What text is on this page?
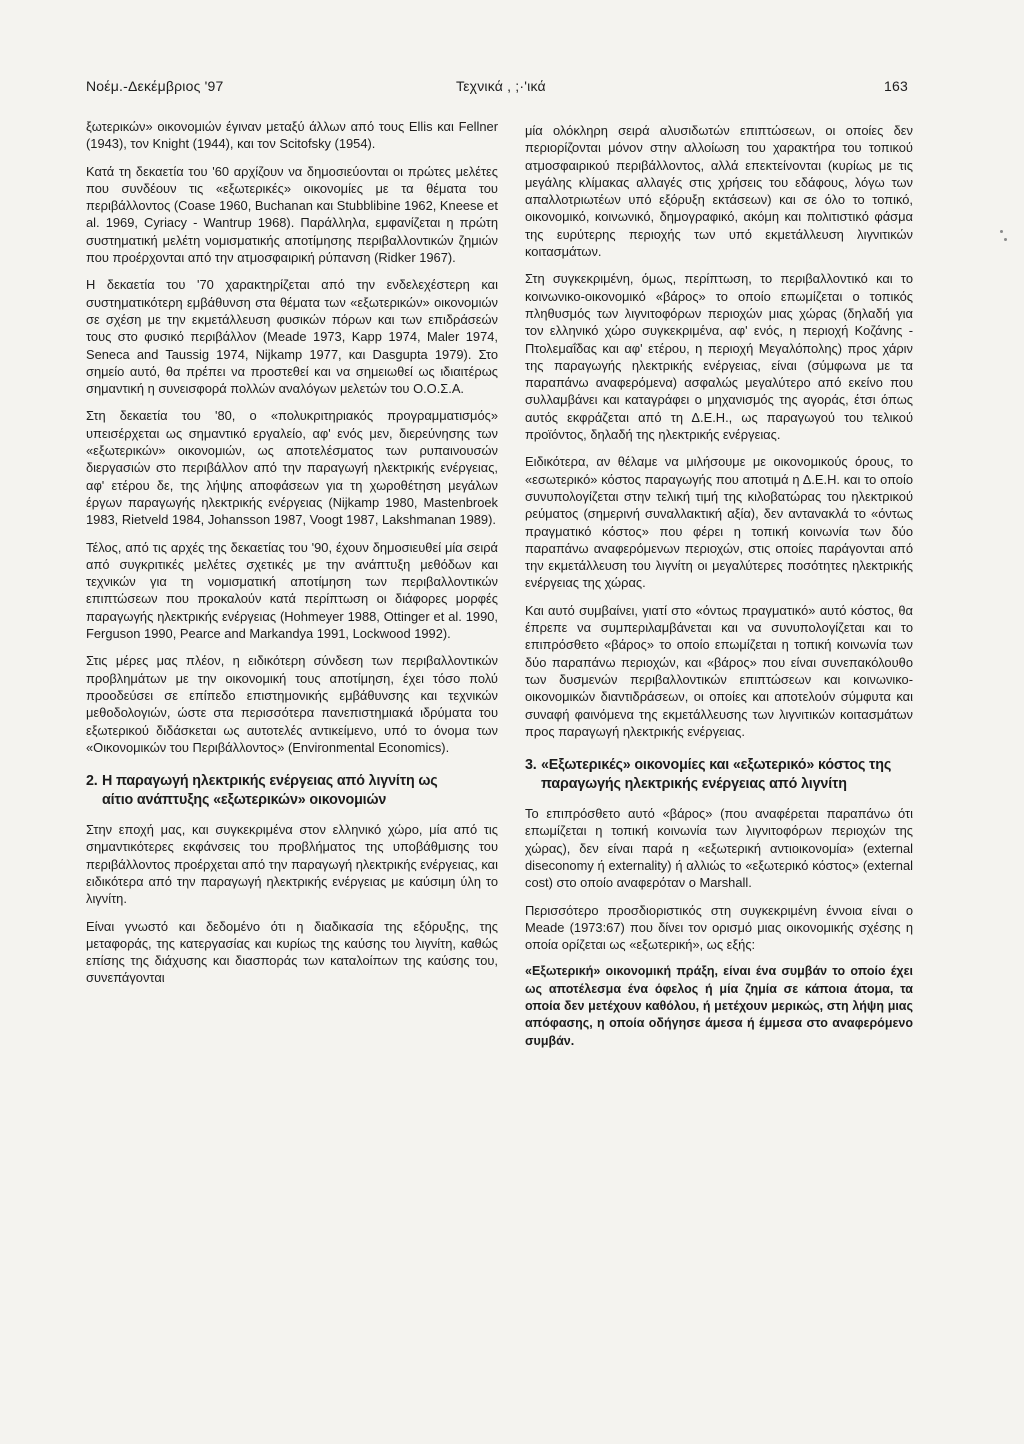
Νοέμ.-Δεκέμβριος '97	Τεχνικά , ;·'ικά	163

ξωτερικών» οικονομιών έγιναν μεταξύ άλλων από τους Ellis και Fellner (1943), τον Knight (1944), και τον Scitofsky (1954).

Κατά τη δεκαετία του '60 αρχίζουν να δημοσιεύονται οι πρώτες μελέτες που συνδέουν τις «εξωτερικές» οικονομίες με τα θέματα του περιβάλλοντος (Coase 1960, Buchanan και Stubblibine 1962, Kneese et al. 1969, Cyriacy - Wantrup 1968). Παράλληλα, εμφανίζεται η πρώτη συστηματική μελέτη νομισματικής αποτίμησης περιβαλλοντικών ζημιών που προέρχονται από την ατμοσφαιρική ρύπανση (Ridker 1967).

Η δεκαετία του '70 χαρακτηρίζεται από την ενδελεχέστερη και συστηματικότερη εμβάθυνση στα θέματα των «εξωτερικών» οικονομιών σε σχέση με την εκμετάλλευση φυσικών πόρων και των επιδράσεών τους στο φυσικό περιβάλλον (Meade 1973, Kapp 1974, Maler 1974, Seneca and Taussig 1974, Nijkamp 1977, και Dasgupta 1979). Στο σημείο αυτό, θα πρέπει να προστεθεί και να σημειωθεί ως ιδιαιτέρως σημαντική η συνεισφορά πολλών αναλόγων μελετών του Ο.Ο.Σ.Α.

Στη δεκαετία του '80, ο «πολυκριτηριακός προγραμματισμός» υπεισέρχεται ως σημαντικό εργαλείο, αφ' ενός μεν, διερεύνησης των «εξωτερικών» οικονομιών, ως αποτελέσματος των ρυπαινουσών διεργασιών στο περιβάλλον από την παραγωγή ηλεκτρικής ενέργειας, αφ' ετέρου δε, της λήψης αποφάσεων για τη χωροθέτηση μεγάλων έργων παραγωγής ηλεκτρικής ενέργειας (Nijkamp 1980, Mastenbroek 1983, Rietveld 1984, Johansson 1987, Voogt 1987, Lakshmanan 1989).

Τέλος, από τις αρχές της δεκαετίας του '90, έχουν δημοσιευθεί μία σειρά από συγκριτικές μελέτες σχετικές με την ανάπτυξη μεθόδων και τεχνικών για τη νομισματική αποτίμηση των περιβαλλοντικών επιπτώσεων που προκαλούν κατά περίπτωση οι διάφορες μορφές παραγωγής ηλεκτρικής ενέργειας (Hohmeyer 1988, Ottinger et al. 1990, Ferguson 1990, Pearce and Markandya 1991, Lockwood 1992).

Στις μέρες μας πλέον, η ειδικότερη σύνδεση των περιβαλλοντικών προβλημάτων με την οικονομική τους αποτίμηση, έχει τόσο πολύ προοδεύσει σε επίπεδο επιστημονικής εμβάθυνσης και τεχνικών μεθοδολογιών, ώστε στα περισσότερα πανεπιστημιακά ιδρύματα του εξωτερικού διδάσκεται ως αυτοτελές αντικείμενο, υπό το όνομα των «Οικονομικών του Περιβάλλοντος» (Environmental Economics).

2. Η παραγωγή ηλεκτρικής ενέργειας από λιγνίτη ως
αίτιο ανάπτυξης «εξωτερικών» οικονομιών

Στην εποχή μας, και συγκεκριμένα στον ελληνικό χώρο, μία από τις σημαντικότερες εκφάνσεις του προβλήματος της υποβάθμισης του περιβάλλοντος προέρχεται από την παραγωγή ηλεκτρικής ενέργειας, και ειδικότερα από την παραγωγή ηλεκτρικής ενέργειας με καύσιμη ύλη το λιγνίτη.

Είναι γνωστό και δεδομένο ότι η διαδικασία της εξόρυξης, της μεταφοράς, της κατεργασίας και κυρίως της καύσης του λιγνίτη, καθώς επίσης της διάχυσης και διασποράς των καταλοίπων της καύσης του, συνεπάγονται

μία ολόκληρη σειρά αλυσιδωτών επιπτώσεων, οι οποίες δεν περιορίζονται μόνον στην αλλοίωση του χαρακτήρα του τοπικού ατμοσφαιρικού περιβάλλοντος, αλλά επεκτείνονται (κυρίως με τις μεγάλης κλίμακας αλλαγές στις χρήσεις του εδάφους, λόγω των απαλλοτριωτέων υπό εξόρυξη εκτάσεων) και σε όλο το τοπικό, οικονομικό, κοινωνικό, δημογραφικό, ακόμη και πολιτιστικό φάσμα της ευρύτερης περιοχής των υπό εκμετάλλευση λιγνιτικών κοιτασμάτων.

Στη συγκεκριμένη, όμως, περίπτωση, το περιβαλλοντικό και το κοινωνικο-οικονομικό «βάρος» το οποίο επωμίζεται ο τοπικός πληθυσμός των λιγνιτοφόρων περιοχών μιας χώρας (δηλαδή για τον ελληνικό χώρο συγκεκριμένα, αφ' ενός, η περιοχή Κοζάνης - Πτολεμαΐδας και αφ' ετέρου, η περιοχή Μεγαλόπολης) προς χάριν της παραγωγής ηλεκτρικής ενέργειας, είναι (σύμφωνα με τα παραπάνω αναφερόμενα) ασφαλώς μεγαλύτερο από εκείνο που συλλαμβάνει και καταγράφει ο μηχανισμός της αγοράς, έτσι όπως αυτός εκφράζεται από τη Δ.Ε.Η., ως παραγωγού του τελικού προϊόντος, δηλαδή της ηλεκτρικής ενέργειας.

Ειδικότερα, αν θέλαμε να μιλήσουμε με οικονομικούς όρους, το «εσωτερικό» κόστος παραγωγής που αποτιμά η Δ.Ε.Η. και το οποίο συνυπολογίζεται στην τελική τιμή της κιλοβατώρας του ηλεκτρικού ρεύματος (σημερινή συναλλακτική αξία), δεν αντανακλά το «όντως πραγματικό κόστος» που φέρει η τοπική κοινωνία των δύο παραπάνω αναφερόμενων περιοχών, στις οποίες παράγονται από την εκμετάλλευση του λιγνίτη οι μεγαλύτερες ποσότητες ηλεκτρικής ενέργειας της χώρας.

Και αυτό συμβαίνει, γιατί στο «όντως πραγματικό» αυτό κόστος, θα έπρεπε να συμπεριλαμβάνεται και να συνυπολογίζεται και το επιπρόσθετο «βάρος» το οποίο επωμίζεται η τοπική κοινωνία των δύο παραπάνω περιοχών, και «βάρος» που είναι συνεπακόλουθο των δυσμενών περιβαλλοντικών επιπτώσεων και κοινωνικο-οικονομικών διαντιδράσεων, οι οποίες και αποτελούν σύμφυτα και συναφή φαινόμενα της εκμετάλλευσης των λιγνιτικών κοιτασμάτων προς παραγωγή ηλεκτρικής ενέργειας.

3. «Εξωτερικές» οικονομίες και «εξωτερικό» κόστος της
παραγωγής ηλεκτρικής ενέργειας από λιγνίτη

Το επιπρόσθετο αυτό «βάρος» (που αναφέρεται παραπάνω ότι επωμίζεται η τοπική κοινωνία των λιγνιτοφόρων περιοχών της χώρας), δεν είναι παρά η «εξωτερική αντιοικονομία» (external diseconomy ή externality) ή αλλιώς το «εξωτερικό κόστος» (external cost) στο οποίο αναφερόταν ο Marshall.

Περισσότερο προσδιοριστικός στη συγκεκριμένη έννοια είναι ο Meade (1973:67) που δίνει τον ορισμό μιας οικονομικής σχέσης η οποία ορίζεται ως «εξωτερική», ως εξής:

«Εξωτερική» οικονομική πράξη, είναι ένα συμβάν το οποίο έχει ως αποτέλεσμα ένα όφελος ή μία ζημία σε κάποια άτομα, τα οποία δεν μετέχουν καθόλου, ή μετέχουν μερικώς, στη λήψη μιας απόφασης, η οποία οδήγησε άμεσα ή έμμεσα στο αναφερόμενο συμβάν.
